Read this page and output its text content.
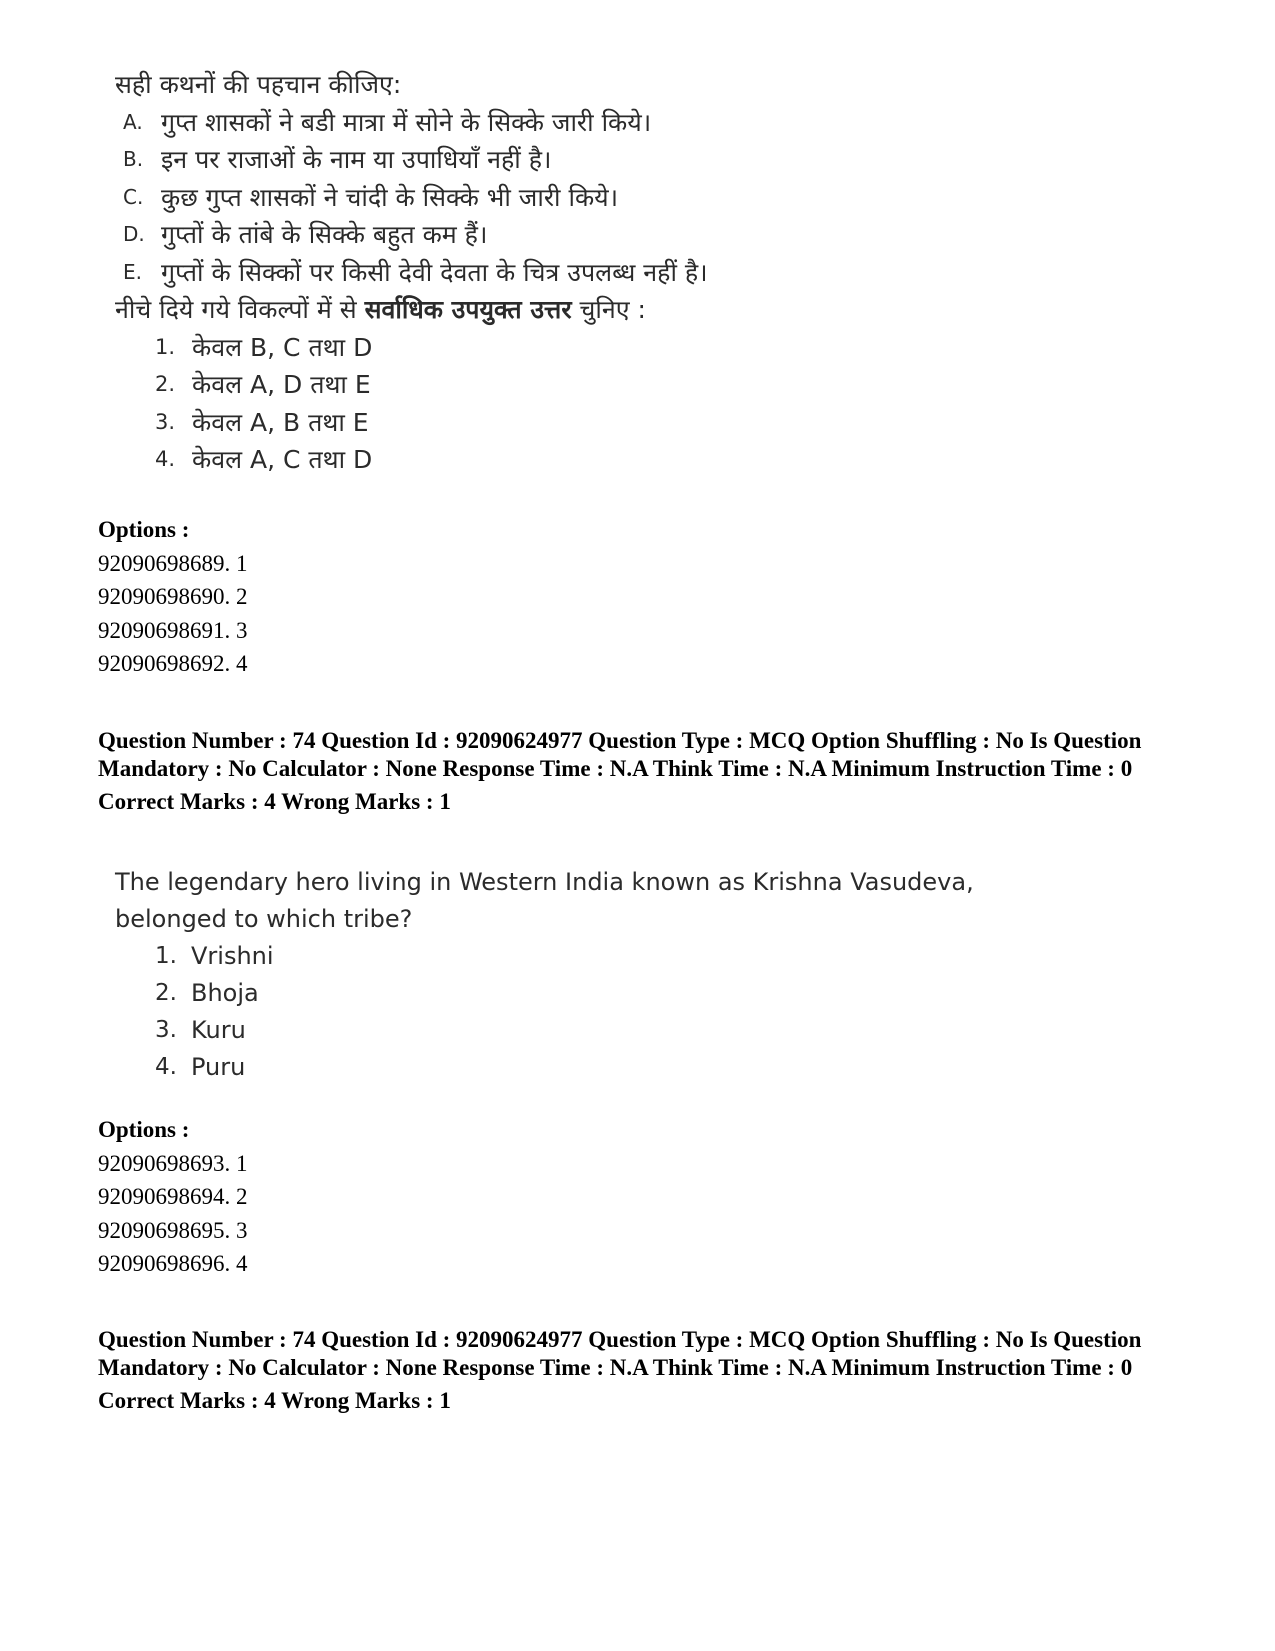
सही कथनों की पहचान कीजिए:
A. गुप्त शासकों ने बडी मात्रा में सोने के सिक्के जारी किये।
B. इन पर राजाओं के नाम या उपाधियाँ नहीं है।
C. कुछ गुप्त शासकों ने चांदी के सिक्के भी जारी किये।
D. गुप्तों के तांबे के सिक्के बहुत कम हैं।
E. गुप्तों के सिक्कों पर किसी देवी देवता के चित्र उपलब्ध नहीं है।
नीचे दिये गये विकल्पों में से सर्वाधिक उपयुक्त उत्तर चुनिए :
1. केवल B, C तथा D
2. केवल A, D तथा E
3. केवल A, B तथा E
4. केवल A, C तथा D
Options :
92090698689. 1
92090698690. 2
92090698691. 3
92090698692. 4
Question Number : 74 Question Id : 92090624977 Question Type : MCQ Option Shuffling : No Is Question Mandatory : No Calculator : None Response Time : N.A Think Time : N.A Minimum Instruction Time : 0
Correct Marks : 4 Wrong Marks : 1
The legendary hero living in Western India known as Krishna Vasudeva,
belonged to which tribe?
1. Vrishni
2. Bhoja
3. Kuru
4. Puru
Options :
92090698693. 1
92090698694. 2
92090698695. 3
92090698696. 4
Question Number : 74 Question Id : 92090624977 Question Type : MCQ Option Shuffling : No Is Question Mandatory : No Calculator : None Response Time : N.A Think Time : N.A Minimum Instruction Time : 0
Correct Marks : 4 Wrong Marks : 1
